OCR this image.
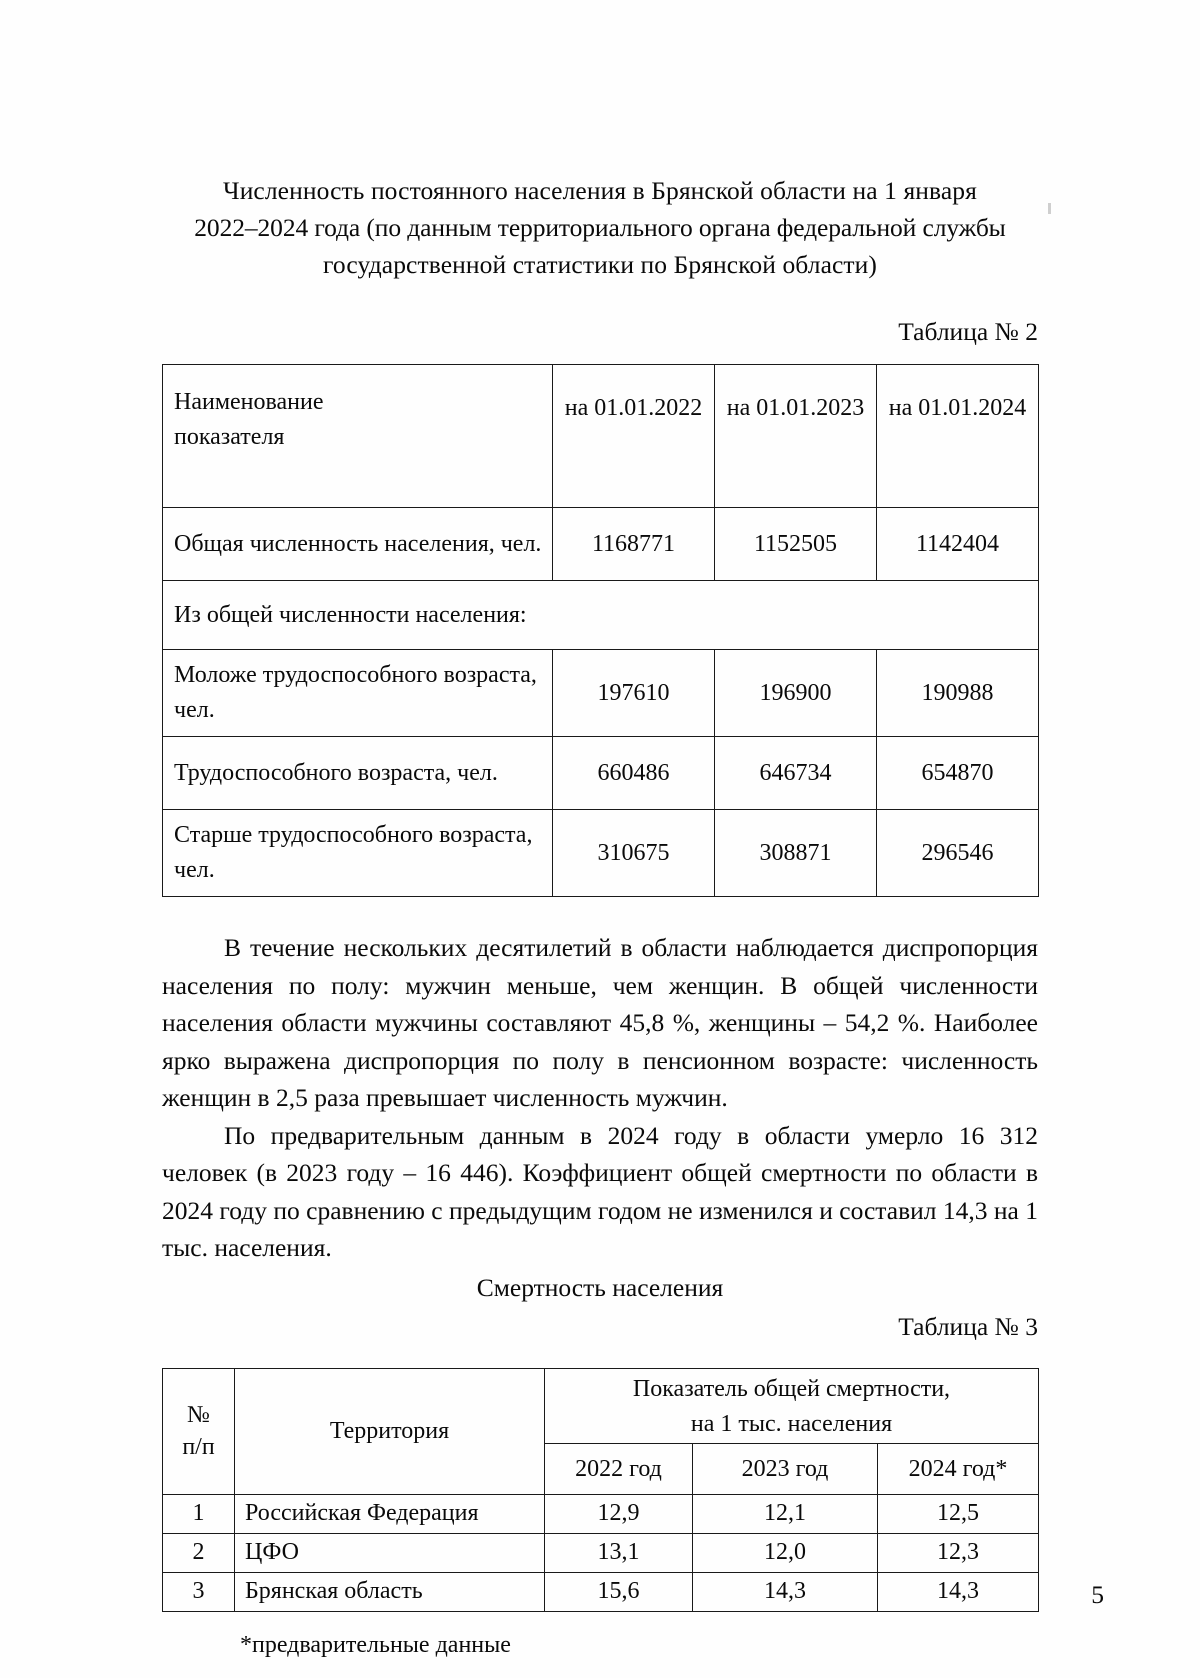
Численность постоянного населения в Брянской области на 1 января
2022–2024 года (по данным территориального органа федеральной службы
государственной статистики по Брянской области)
Таблица № 2
Наименование
показателя	на 01.01.2022	на 01.01.2023	на 01.01.2024
Общая численность населения, чел.	1168771	1152505	1142404
Из общей численности населения:			
Моложе трудоспособного возраста, чел.	197610	196900	190988
Трудоспособного возраста, чел.	660486	646734	654870
Старше трудоспособного возраста, чел.	310675	308871	296546

В течение нескольких десятилетий в области наблюдается диспропорция населения по полу: мужчин меньше, чем женщин. В общей численности населения области мужчины составляют 45,8 %, женщины – 54,2 %. Наиболее ярко выражена диспропорция по полу в пенсионном возрасте: численность женщин в 2,5 раза превышает численность мужчин.

По предварительным данным в 2024 году в области умерло 16 312 человек (в 2023 году – 16 446). Коэффициент общей смертности по области в 2024 году по сравнению с предыдущим годом не изменился и составил 14,3 на 1 тыс. населения.

Смертность населения
Таблица № 3
№
п/п	Территория	Показатель общей смертности,
на 1 тыс. населения		

		2022 год	2023 год	2024 год*
1	Российская Федерация	12,9	12,1	12,5
2	ЦФО	13,1	12,0	12,3
3	Брянская область	15,6	14,3	14,3
*предварительные данные
5
